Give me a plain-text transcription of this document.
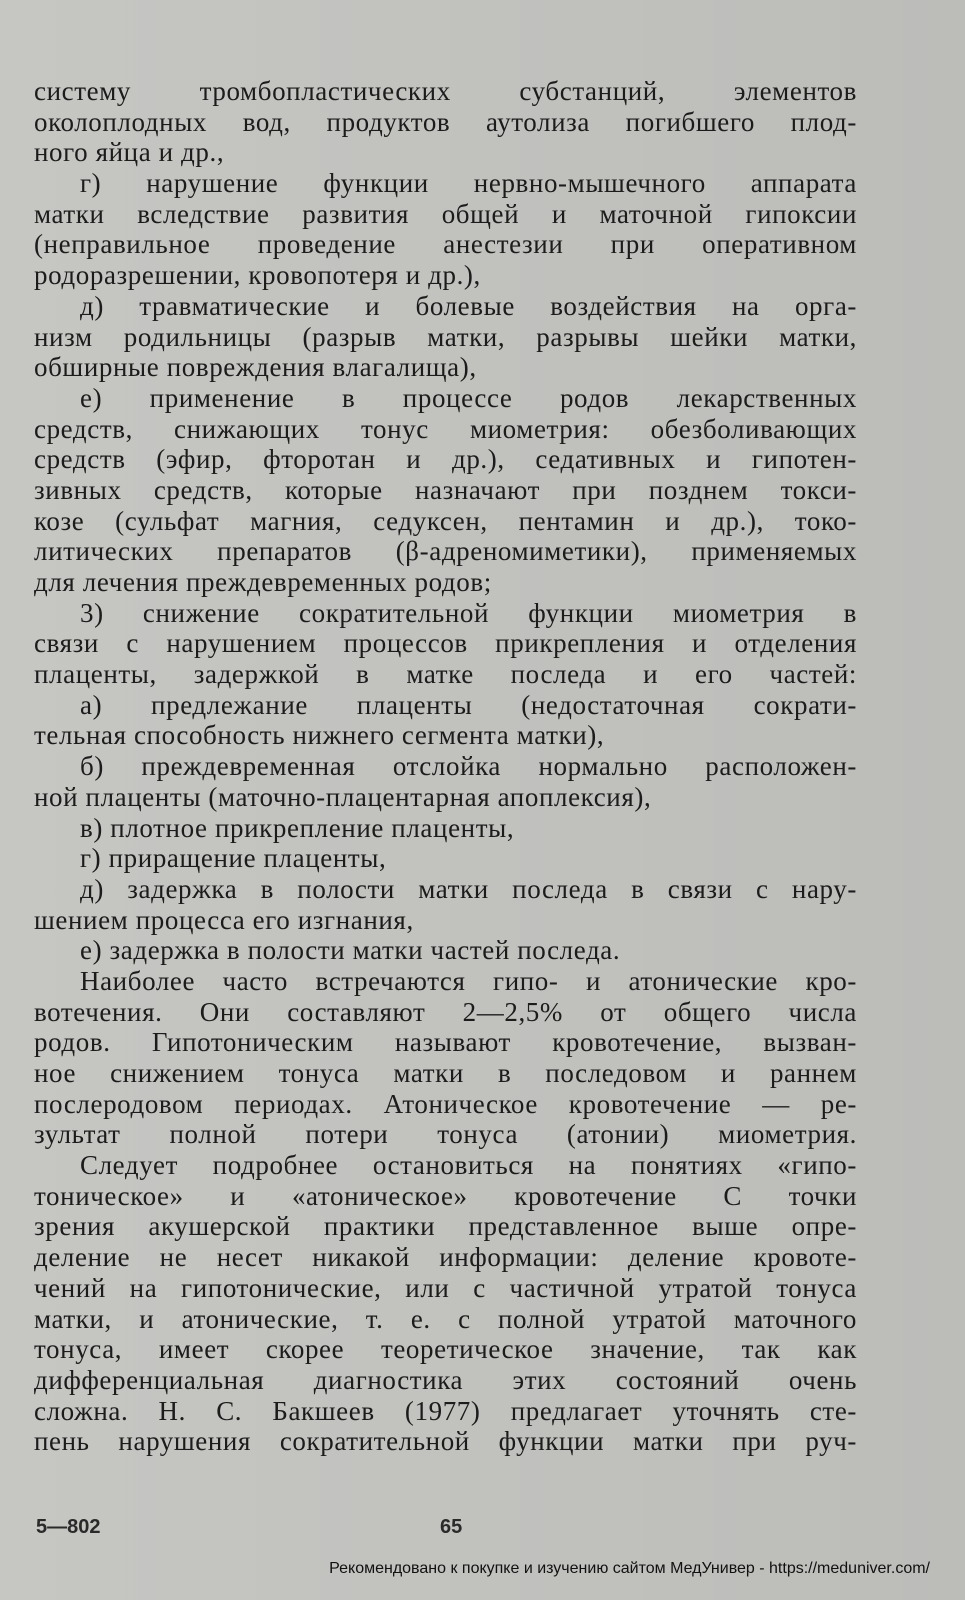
систему тромбопластических субстанций, элементов
околоплодных вод, продуктов аутолиза погибшего плод-
ного яйца и др.,
г) нарушение функции нервно-мышечного аппарата
матки вследствие развития общей и маточной гипоксии
(неправильное проведение анестезии при оперативном
родоразрешении, кровопотеря и др.),
д) травматические и болевые воздействия на орга-
низм родильницы (разрыв матки, разрывы шейки матки,
обширные повреждения влагалища),
е) применение в процессе родов лекарственных
средств, снижающих тонус миометрия: обезболивающих
средств (эфир, фторотан и др.), седативных и гипотен-
зивных средств, которые назначают при позднем токси-
козе (сульфат магния, седуксен, пентамин и др.), токо-
литических препаратов (β-адреномиметики), применяемых
для лечения преждевременных родов;
3) снижение сократительной функции миометрия в
связи с нарушением процессов прикрепления и отделения
плаценты, задержкой в матке последа и его частей:
а) предлежание плаценты (недостаточная сократи-
тельная способность нижнего сегмента матки),
б) преждевременная отслойка нормально расположен-
ной плаценты (маточно-плацентарная апоплексия),
в) плотное прикрепление плаценты,
г) приращение плаценты,
д) задержка в полости матки последа в связи с нару-
шением процесса его изгнания,
е) задержка в полости матки частей последа.
Наиболее часто встречаются гипо- и атонические кро-
вотечения. Они составляют 2—2,5% от общего числа
родов. Гипотоническим называют кровотечение, вызван-
ное снижением тонуса матки в последовом и раннем
послеродовом периодах. Атоническое кровотечение — ре-
зультат полной потери тонуса (атонии) миометрия.
Следует подробнее остановиться на понятиях «гипо-
тоническое» и «атоническое» кровотечение С точки
зрения акушерской практики представленное выше опре-
деление не несет никакой информации: деление кровоте-
чений на гипотонические, или с частичной утратой тонуса
матки, и атонические, т. е. с полной утратой маточного
тонуса, имеет скорее теоретическое значение, так как
дифференциальная диагностика этих состояний очень
сложна. Н. С. Бакшеев (1977) предлагает уточнять сте-
пень нарушения сократительной функции матки при руч-
5—802	65
Рекомендовано к покупке и изучению сайтом МедУнивер - https://meduniver.com/
